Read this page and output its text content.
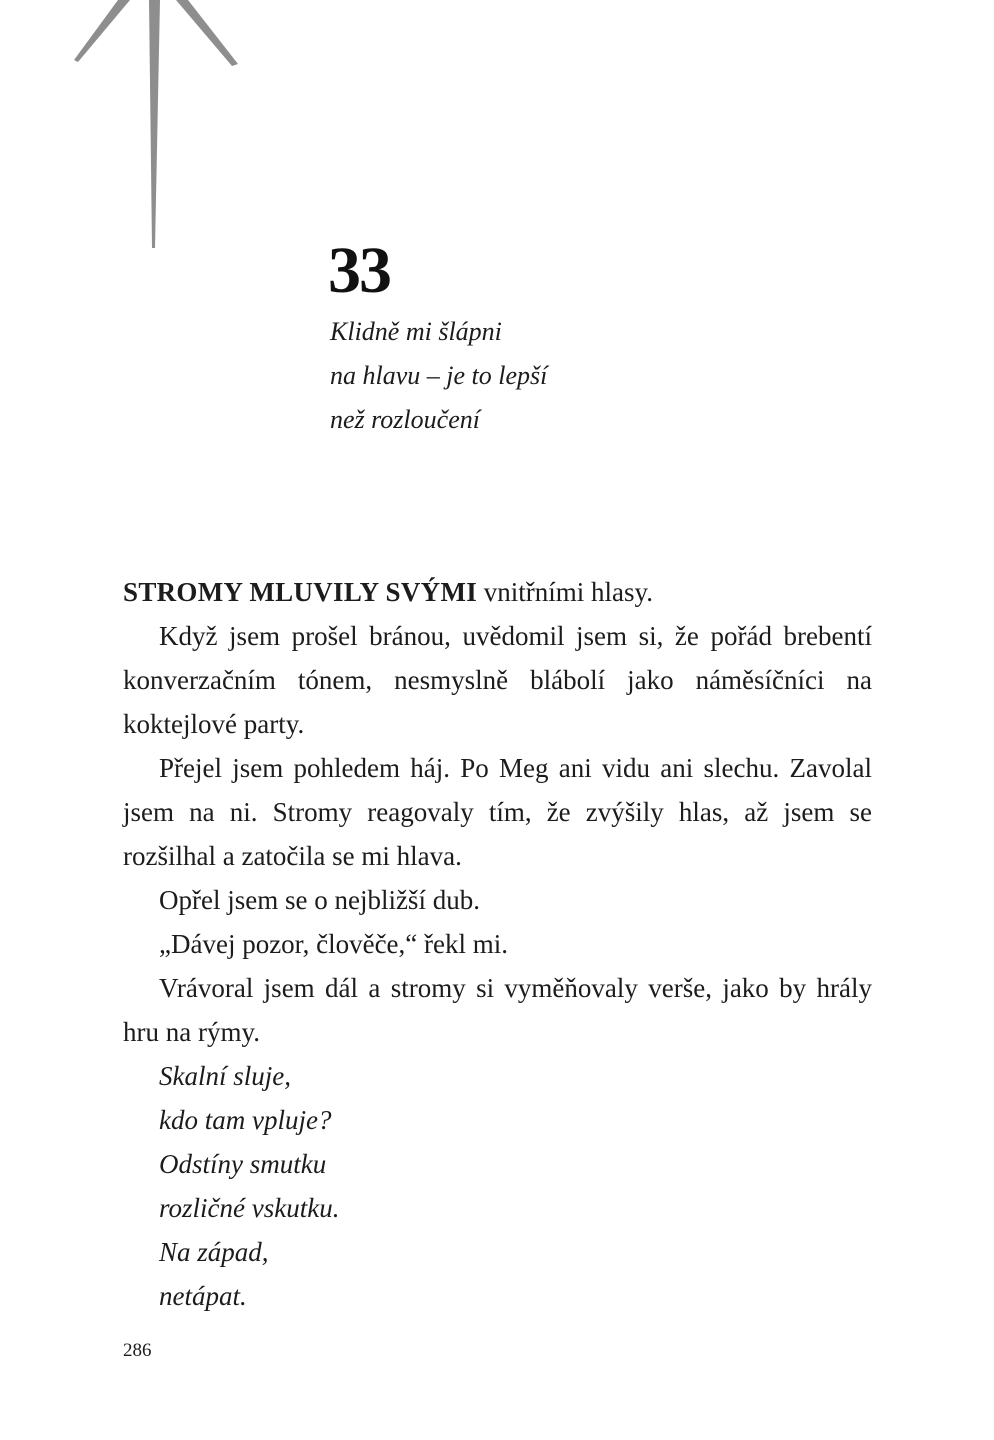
33
Klidně mi šlápni
na hlavu – je to lepší
než rozloučení

STROMY MLUVILY SVÝMI vnitřními hlasy.

Když jsem prošel bránou, uvědomil jsem si, že pořád brebentí konverzačním tónem, nesmyslně blábolí jako náměsíčníci na koktejlové party.

Přejel jsem pohledem háj. Po Meg ani vidu ani slechu. Zavolal jsem na ni. Stromy reagovaly tím, že zvýšily hlas, až jsem se rozšilhal a zatočila se mi hlava.

Opřel jsem se o nejbližší dub.

„Dávej pozor, člověče,“ řekl mi.

Vrávoral jsem dál a stromy si vyměňovaly verše, jako by hrály hru na rýmy.

Skalní sluje,
kdo tam vpluje?
Odstíny smutku
rozličné vskutku.
Na západ,
netápat.
286
